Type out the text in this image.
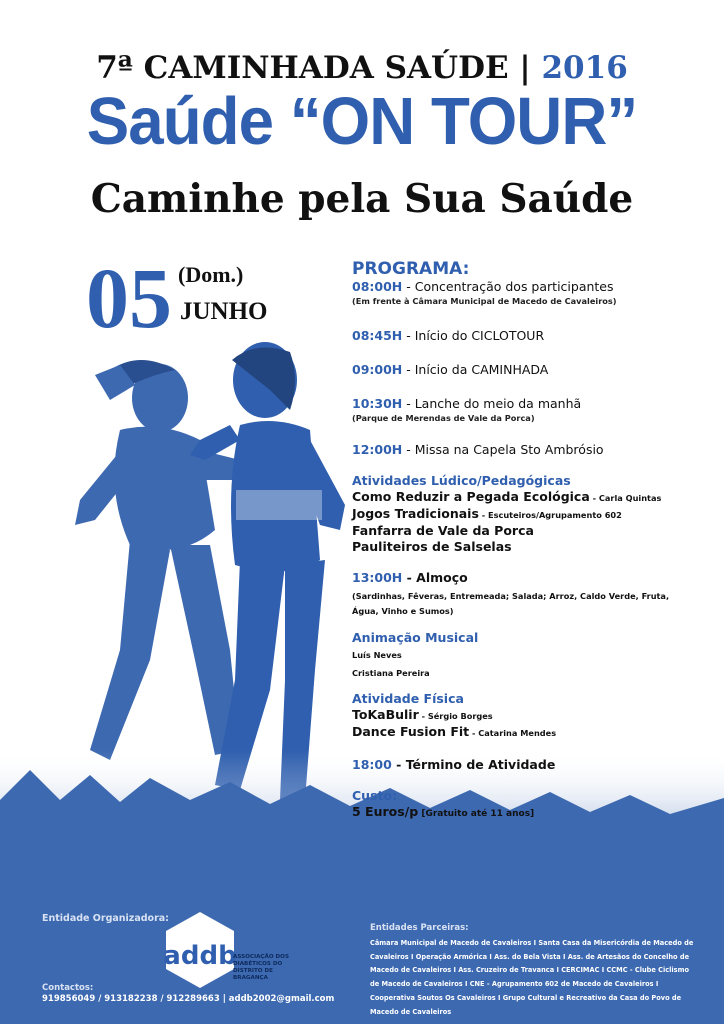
7ª CAMINHADA SAÚDE | 2016
Saúde “ON TOUR”
Caminhe pela Sua Saúde
05 (Dom.)
JUNHO
PROGRAMA:
08:00H - Concentração dos participantes
(Em frente à Câmara Municipal de Macedo de Cavaleiros)
08:45H - Início do CICLOTOUR
09:00H - Início da CAMINHADA
10:30H - Lanche do meio da manhã
(Parque de Merendas de Vale da Porca)
12:00H - Missa na Capela Sto Ambrósio
Atividades Lúdico/Pedagógicas
Como Reduzir a Pegada Ecológica - Carla Quintas
Jogos Tradicionais - Escuteiros/Agrupamento 602
Fanfarra de Vale da Porca
Pauliteiros de Salselas
13:00H - Almoço
(Sardinhas, Fêveras, Entremeada; Salada; Arroz, Caldo Verde, Fruta,
Água, Vinho e Sumos)
Animação Musical
Luís Neves
Cristiana Pereira
Atividade Física
ToKaBulir - Sérgio Borges
Dance Fusion Fit - Catarina Mendes
18:00 - Término de Atividade
Custo:
5 Euros/p [Gratuito até 11 anos]
Entidade Organizadora:
addb
ASSOCIAÇÃO DOS DIABÉTICOS DO DISTRITO DE BRAGANÇA
Contactos:
919856049 / 913182238 / 912289663 | addb2002@gmail.com
Entidades Parceiras:
Câmara Municipal de Macedo de Cavaleiros I Santa Casa da Misericórdia de Macedo de Cavaleiros I Operação Armórica I Ass. do Bela Vista I Ass. de Artesãos do Concelho de Macedo de Cavaleiros I Ass. Cruzeiro de Travanca I CERCIMAC I CCMC - Clube Ciclismo de Macedo de Cavaleiros I CNE - Agrupamento 602 de Macedo de Cavaleiros I Cooperativa Soutos Os Cavaleiros I Grupo Cultural e Recreativo da Casa do Povo de Macedo de Cavaleiros
